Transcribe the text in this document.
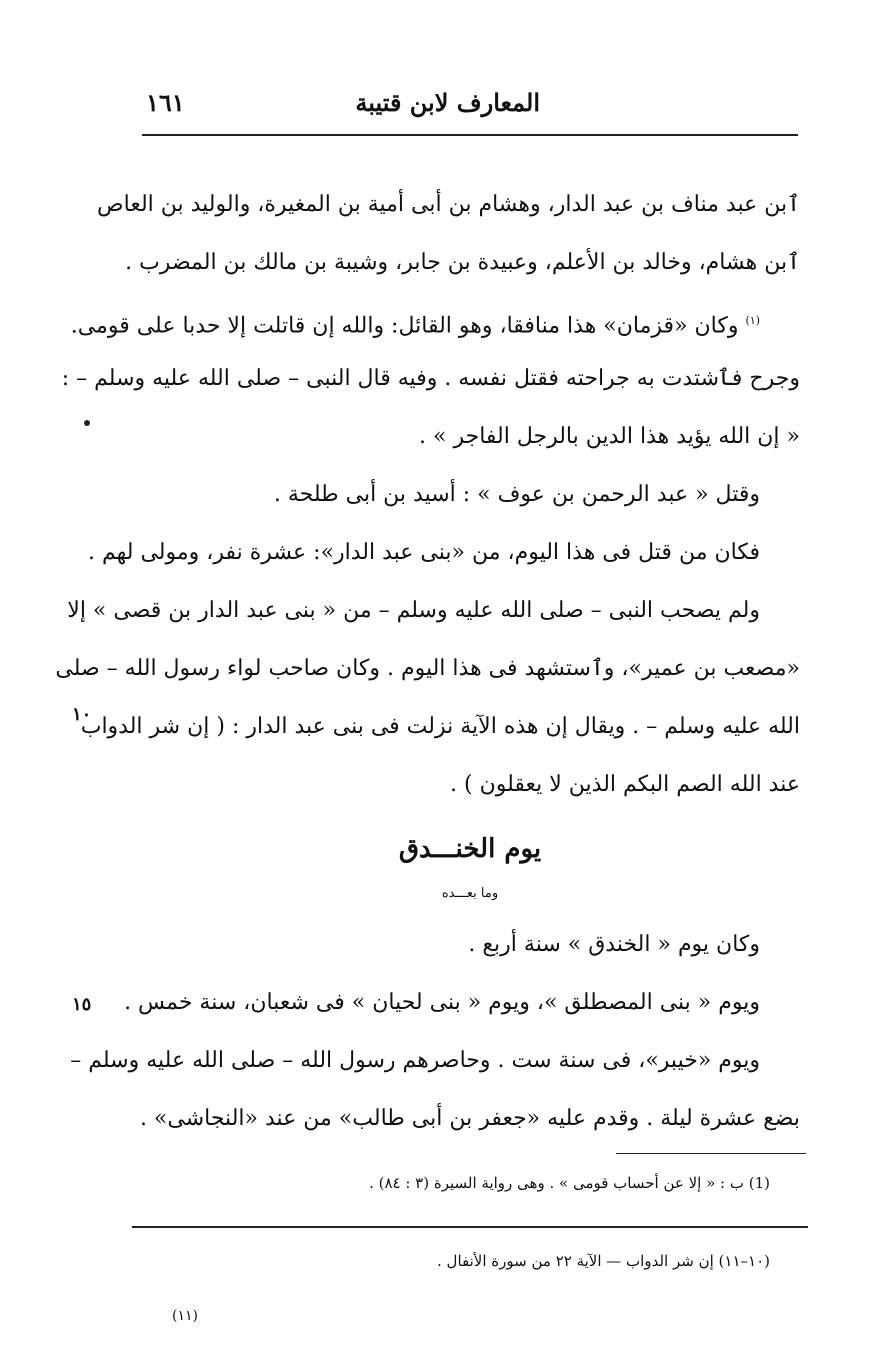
المعارف لابن قتيبة
١٦١
ٱبن عبد مناف بن عبد الدار، وهشام بن أبى أمية بن المغيرة، والوليد بن العاص
ٱبن هشام، وخالد بن الأعلم، وعبيدة بن جابر، وشيبة بن مالك بن المضرب .
$^{(١)}$ وكان «قزمان» هذا منافقا، وهو القائل: والله إن قاتلت إلا حدبا على قومى.
وجرح فٱشتدت به جراحته فقتل نفسه . وفيه قال النبى – صلى الله عليه وسلم – :
« إن الله يؤيد هذا الدين بالرجل الفاجر » .
وقتل « عبد الرحمن بن عوف » : أسيد بن أبى طلحة .
فكان من قتل فى هذا اليوم، من «بنى عبد الدار»: عشرة نفر، ومولى لهم .
ولم يصحب النبى – صلى الله عليه وسلم – من « بنى عبد الدار بن قصى » إلا
«مصعب بن عمير»، وٱستشهد فى هذا اليوم . وكان صاحب لواء رسول الله – صلى
الله عليه وسلم – . ويقال إن هذه الآية نزلت فى بنى عبد الدار : ( إن شر الدواب
عند الله الصم البكم الذين لا يعقلون ) .
١٠
١٥
يوم الخنـــدق
وما بعـــده
وكان يوم « الخندق » سنة أربع .
ويوم « بنى المصطلق »، ويوم « بنى لحيان » فى شعبان، سنة خمس .
ويوم «خيبر»، فى سنة ست . وحاصرهم رسول الله – صلى الله عليه وسلم –
بضع عشرة ليلة . وقدم عليه «جعفر بن أبى طالب» من عند «النجاشى» .
(1) ب : « إلا عن أحساب قومى » . وهى رواية السيرة (٣ : ٨٤) .
(١٠–١١) إن شر الدواب — الآية ٢٢ من سورة الأنفال .
(١١)
